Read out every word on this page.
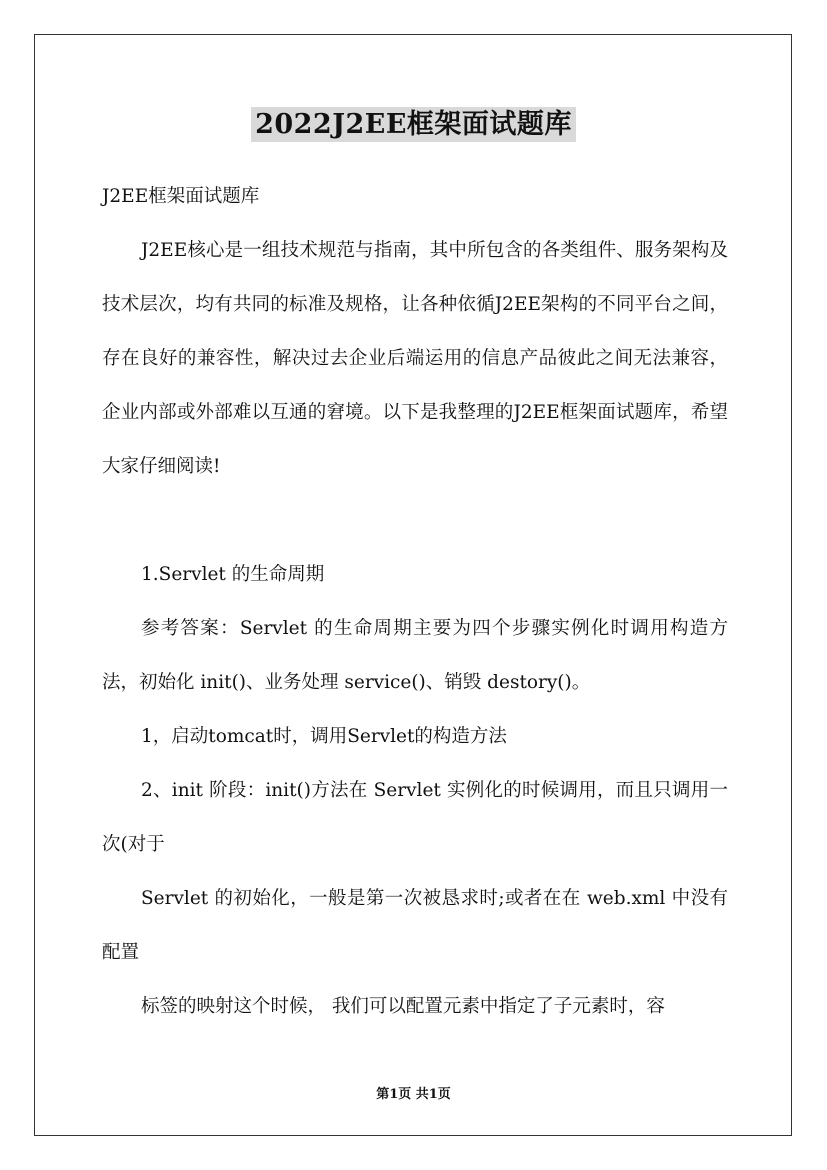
2022J2EE框架面试题库

J2EE框架面试题库

J2EE核心是一组技术规范与指南，其中所包含的各类组件、服务架构及技术层次，均有共同的标准及规格，让各种依循J2EE架构的不同平台之间，存在良好的兼容性，解决过去企业后端运用的信息产品彼此之间无法兼容，企业内部或外部难以互通的窘境。以下是我整理的J2EE框架面试题库，希望大家仔细阅读!

1.Servlet 的生命周期

参考答案：Servlet 的生命周期主要为四个步骤实例化时调用构造方法，初始化 init()、业务处理 service()、销毁 destory()。

1，启动tomcat时，调用Servlet的构造方法

2、init 阶段：init()方法在 Servlet 实例化的时候调用，而且只调用一次(对于

Servlet 的初始化，一般是第一次被恳求时;或者在在 web.xml 中没有配置

标签的映射这个时候， 我们可以配置元素中指定了子元素时，容

第1页 共1页
